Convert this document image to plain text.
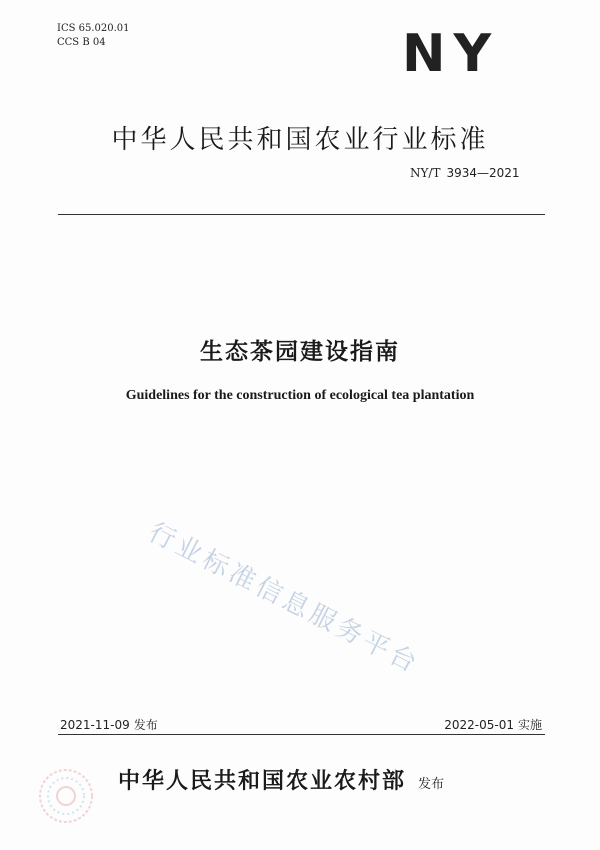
ICS 65.020.01
CCS B 04	NY
中华人民共和国农业行业标准
NY/T 3934—2021
生态茶园建设指南
Guidelines for the construction of ecological tea plantation
行业标准信息服务平台
2021-11-09 发布	2022-05-01 实施
中华人民共和国农业农村部 发布
